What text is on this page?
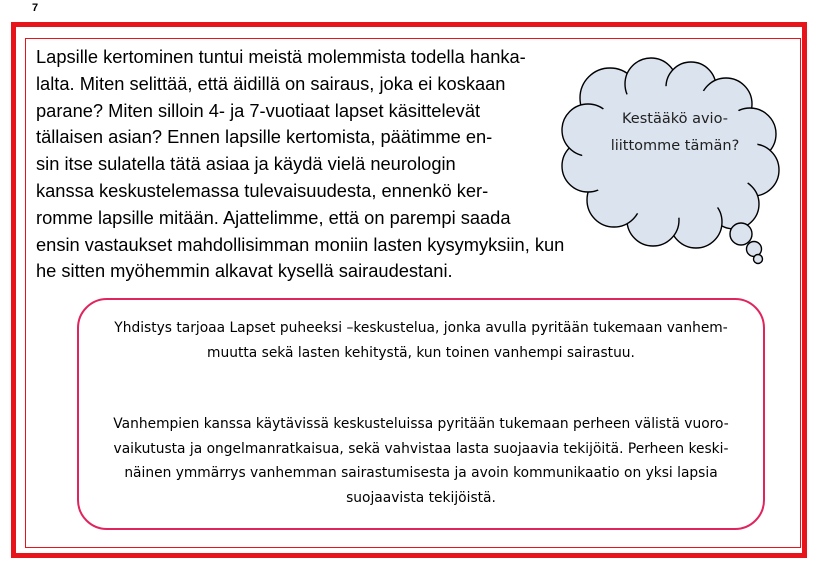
7

Lapsille kertominen tuntui meistä molemmista todella hanka-
lalta. Miten selittää, että äidillä on sairaus, joka ei koskaan
parane? Miten silloin 4- ja 7-vuotiaat lapset käsittelevät
tällaisen asian? Ennen lapsille kertomista, päätimme en-
sin itse sulatella tätä asiaa ja käydä vielä neurologin
kanssa keskustelemassa tulevaisuudesta, ennenkö ker-
romme lapsille mitään. Ajattelimme, että on parempi saada
ensin vastaukset mahdollisimman moniin lasten kysymyksiin, kun
he sitten myöhemmin alkavat kysellä sairaudestani.

Kestääkö avio-
liittomme tämän?
Yhdistys tarjoaa Lapset puheeksi –keskustelua, jonka avulla pyritään tukemaan vanhem-
muutta sekä lasten kehitystä, kun toinen vanhempi sairastuu.
Vanhempien kanssa käytävissä keskusteluissa pyritään tukemaan perheen välistä vuoro-
vaikutusta ja ongelmanratkaisua, sekä vahvistaa lasta suojaavia tekijöitä. Perheen keski-
näinen ymmärrys vanhemman sairastumisesta ja avoin kommunikaatio on yksi lapsia
suojaavista tekijöistä.
